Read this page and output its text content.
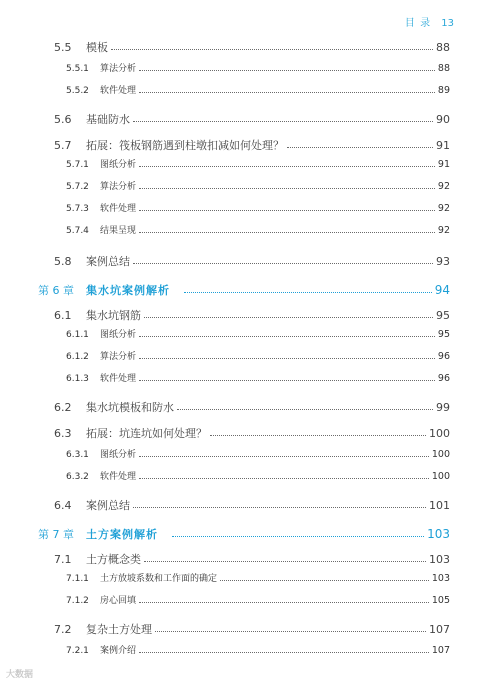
目 录 13
5.5	模板	88
5.5.1	算法分析	88
5.5.2	软件处理	89
5.6	基础防水	90
5.7	拓展：筏板钢筋遇到柱墩扣减如何处理？	91
5.7.1	图纸分析	91
5.7.2	算法分析	92
5.7.3	软件处理	92
5.7.4	结果呈现	92
5.8	案例总结	93
第 6 章 集水坑案例解析	94
6.1	集水坑钢筋	95
6.1.1	图纸分析	95
6.1.2	算法分析	96
6.1.3	软件处理	96
6.2	集水坑模板和防水	99
6.3	拓展：坑连坑如何处理？	100
6.3.1	图纸分析	100
6.3.2	软件处理	100
6.4	案例总结	101
第 7 章 土方案例解析	103
7.1	土方概念类	103
7.1.1	土方放坡系数和工作面的确定	103
7.1.2	房心回填	105
7.2	复杂土方处理	107
7.2.1	案例介绍	107
大数据
